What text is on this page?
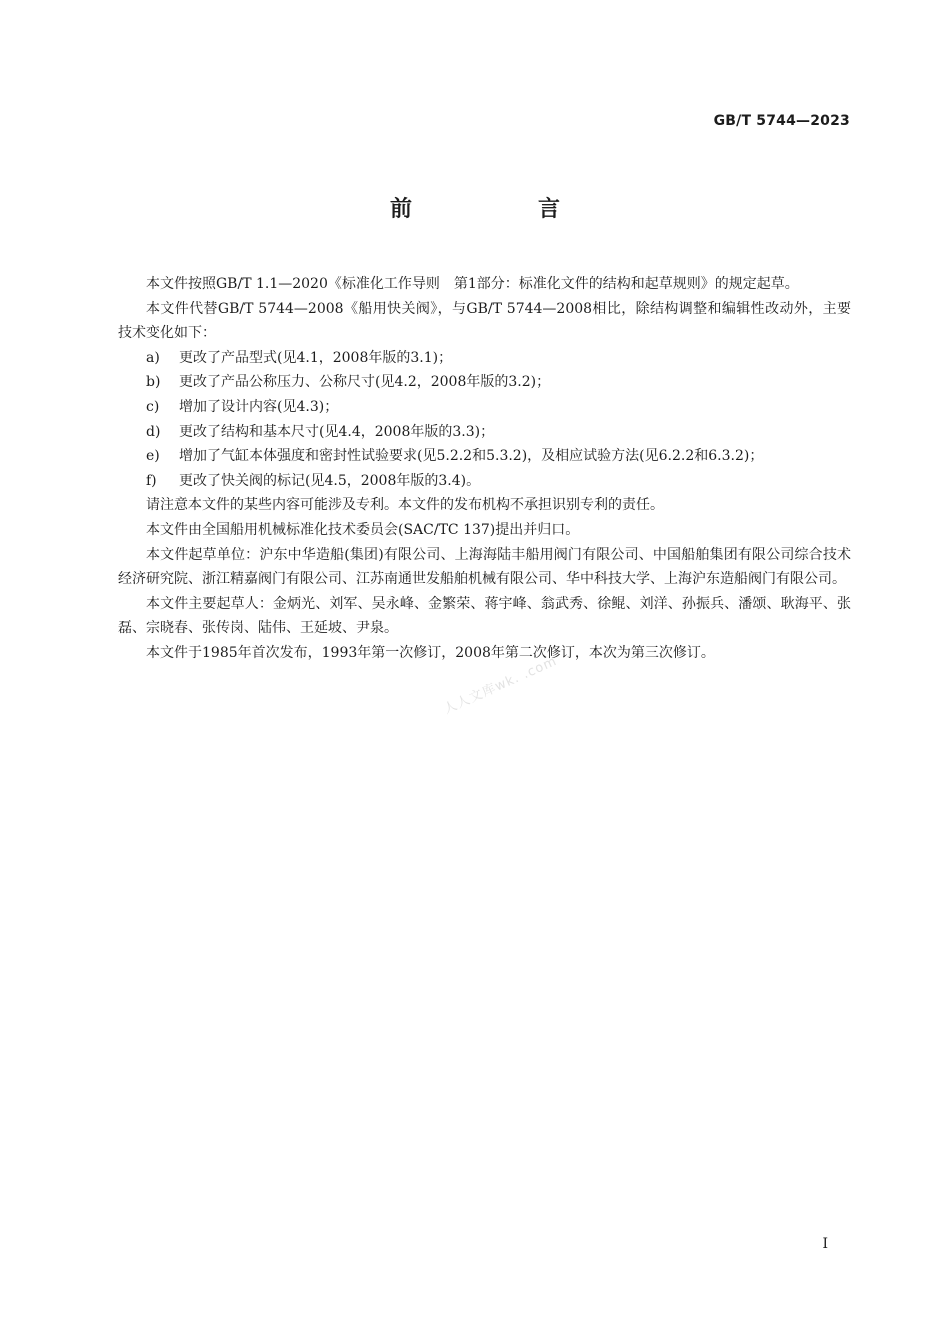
GB/T 5744—2023
前　言

本文件按照GB/T 1.1—2020《标准化工作导则　第1部分：标准化文件的结构和起草规则》的规定起草。

本文件代替GB/T 5744—2008《船用快关阀》，与GB/T 5744—2008相比，除结构调整和编辑性改动外，主要技术变化如下：

a)	更改了产品型式(见4.1，2008年版的3.1)；
b)	更改了产品公称压力、公称尺寸(见4.2，2008年版的3.2)；
c)	增加了设计内容(见4.3)；
d)	更改了结构和基本尺寸(见4.4，2008年版的3.3)；
e)	增加了气缸本体强度和密封性试验要求(见5.2.2和5.3.2)，及相应试验方法(见6.2.2和6.3.2)；
f)	更改了快关阀的标记(见4.5，2008年版的3.4)。

请注意本文件的某些内容可能涉及专利。本文件的发布机构不承担识别专利的责任。

本文件由全国船用机械标准化技术委员会(SAC/TC 137)提出并归口。

本文件起草单位：沪东中华造船(集团)有限公司、上海海陆丰船用阀门有限公司、中国船舶集团有限公司综合技术经济研究院、浙江精嘉阀门有限公司、江苏南通世发船舶机械有限公司、华中科技大学、上海沪东造船阀门有限公司。

本文件主要起草人：金炳光、刘军、吴永峰、金繁荣、蒋宇峰、翁武秀、徐鲲、刘洋、孙振兵、潘颂、耿海平、张磊、宗晓春、张传岗、陆伟、王延坡、尹泉。

本文件于1985年首次发布，1993年第一次修订，2008年第二次修订，本次为第三次修订。

人人文库wk. .com
I
